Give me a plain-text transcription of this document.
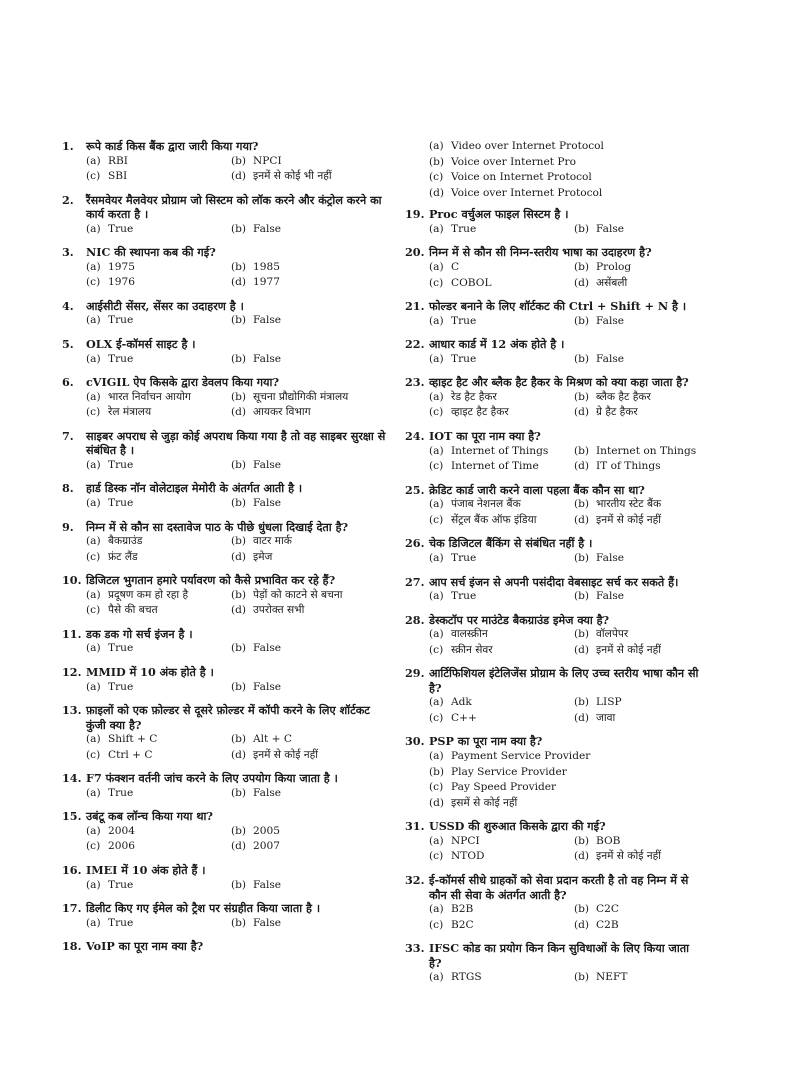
1.	रूपे कार्ड किस बैंक द्वारा जारी किया गया?
(a) RBI	(b) NPCI
(c) SBI	(d) इनमें से कोई भी नहीं
2.	रैंसमवेयर मैलवेयर प्रोग्राम जो सिस्टम को लॉक करने और कंट्रोल करने का कार्य करता है ।
(a) True	(b) False
3.	NIC की स्थापना कब की गई?
(a) 1975	(b) 1985
(c) 1976	(d) 1977
4.	आईसीटी सेंसर, सेंसर का उदाहरण है ।
(a) True	(b) False
5.	OLX ई-कॉमर्स साइट है ।
(a) True	(b) False
6.	cVIGIL ऐप किसके द्वारा डेवलप किया गया?
(a) भारत निर्वाचन आयोग	(b) सूचना प्रौद्योगिकी मंत्रालय
(c) रेल मंत्रालय	(d) आयकर विभाग
7.	साइबर अपराध से जुड़ा कोई अपराध किया गया है तो वह साइबर सुरक्षा से संबंधित है ।
(a) True	(b) False
8.	हार्ड डिस्क नॉन वोलेटाइल मेमोरी के अंतर्गत आती है ।
(a) True	(b) False
9.	निम्न में से कौन सा दस्तावेज पाठ के पीछे धुंधला दिखाई देता है?
(a) बैकग्राउंड	(b) वाटर मार्क
(c) फ्रंट लैंड	(d) इमेज
10. डिजिटल भुगतान हमारे पर्यावरण को कैसे प्रभावित कर रहे हैं?
(a) प्रदूषण कम हो रहा है	(b) पेड़ों को काटने से बचना
(c) पैसे की बचत	(d) उपरोक्त सभी
11. डक डक गो सर्च इंजन है ।
(a) True	(b) False
12. MMID में 10 अंक होते है ।
(a) True	(b) False
13. फ़ाइलों को एक फ़ोल्डर से दूसरे फ़ोल्डर में कॉपी करने के लिए शॉर्टकट कुंजी क्या है?
(a) Shift + C	(b) Alt + C
(c) Ctrl + C	(d) इनमें से कोई नहीं
14. F7 फंक्शन वर्तनी जांच करने के लिए उपयोग किया जाता है ।
(a) True	(b) False
15. उबंटू कब लॉन्च किया गया था?
(a) 2004	(b) 2005
(c) 2006	(d) 2007
16. IMEI में 10 अंक होते हैं ।
(a) True	(b) False
17. डिलीट किए गए ईमेल को ट्रैश पर संग्रहीत किया जाता है ।
(a) True	(b) False
18. VoIP का पूरा नाम क्या है?
(a) Video over Internet Protocol
(b) Voice over Internet Pro
(c) Voice on Internet Protocol
(d) Voice over Internet Protocol
19. Proc वर्चुअल फाइल सिस्टम है ।
(a) True	(b) False
20. निम्न में से कौन सी निम्न-स्तरीय भाषा का उदाहरण है?
(a) C	(b) Prolog
(c) COBOL	(d) असेंबली
21. फोल्डर बनाने के लिए शॉर्टकट की Ctrl + Shift + N है ।
(a) True	(b) False
22. आधार कार्ड में 12 अंक होते है ।
(a) True	(b) False
23. व्हाइट हैट और ब्लैक हैट हैकर के मिश्रण को क्या कहा जाता है?
(a) रेड हैट हैकर	(b) ब्लैक हैट हैकर
(c) व्हाइट हैट हैकर	(d) ग्रे हैट हैकर
24. IOT का पूरा नाम क्या है?
(a) Internet of Things	(b) Internet on Things
(c) Internet of Time	(d) IT of Things
25. क्रेडिट कार्ड जारी करने वाला पहला बैंक कौन सा था?
(a) पंजाब नेशनल बैंक	(b) भारतीय स्टेट बैंक
(c) सेंट्रल बैंक ऑफ इंडिया	(d) इनमें से कोई नहीं
26. चेक डिजिटल बैंकिंग से संबंधित नहीं है ।
(a) True	(b) False
27. आप सर्च इंजन से अपनी पसंदीदा वेबसाइट सर्च कर सकते हैं।
(a) True	(b) False
28. डेस्कटॉप पर माउंटेड बैकग्राउंड इमेज क्या है?
(a) वालस्क्रीन	(b) वॉलपेपर
(c) स्क्रीन सेवर	(d) इनमें से कोई नहीं
29. आर्टिफिशियल इंटेलिजेंस प्रोग्राम के लिए उच्च स्तरीय भाषा कौन सी है?
(a) Adk	(b) LISP
(c) C++	(d) जावा
30. PSP का पूरा नाम क्या है?
(a) Payment Service Provider
(b) Play Service Provider
(c) Pay Speed Provider
(d) इसमें से कोई नहीं
31. USSD की शुरुआत किसके द्वारा की गई?
(a) NPCI	(b) BOB
(c) NTOD	(d) इनमें से कोई नहीं
32. ई-कॉमर्स सीधे ग्राहकों को सेवा प्रदान करती है तो वह निम्न में से कौन सी सेवा के अंतर्गत आती है?
(a) B2B	(b) C2C
(c) B2C	(d) C2B
33. IFSC कोड का प्रयोग किन किन सुविधाओं के लिए किया जाता है?
(a) RTGS	(b) NEFT
